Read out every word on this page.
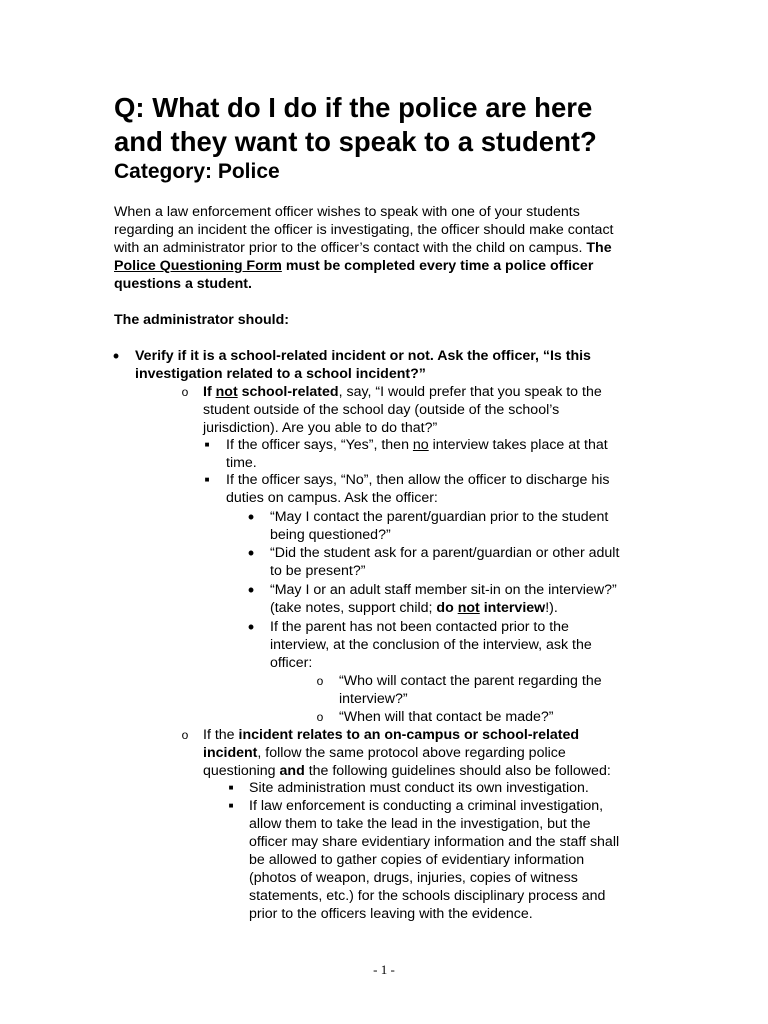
Q: What do I do if the police are here
and they want to speak to a student?
Category: Police
When a law enforcement officer wishes to speak with one of your students
regarding an incident the officer is investigating, the officer should make contact
with an administrator prior to the officer’s contact with the child on campus. The
Police Questioning Form must be completed every time a police officer
questions a student.
The administrator should:
• Verify if it is a school-related incident or not. Ask the officer, “Is this
investigation related to a school incident?”
o If not school-related, say, “I would prefer that you speak to the
student outside of the school day (outside of the school’s
jurisdiction). Are you able to do that?”
■ If the officer says, “Yes”, then no interview takes place at that
time.
■ If the officer says, “No”, then allow the officer to discharge his
duties on campus. Ask the officer:
• “May I contact the parent/guardian prior to the student
being questioned?”
• “Did the student ask for a parent/guardian or other adult
to be present?”
• “May I or an adult staff member sit-in on the interview?”
(take notes, support child; do not interview!).
• If the parent has not been contacted prior to the
interview, at the conclusion of the interview, ask the
officer:
o “Who will contact the parent regarding the
interview?”
o “When will that contact be made?”
o If the incident relates to an on-campus or school-related
incident, follow the same protocol above regarding police
questioning and the following guidelines should also be followed:
■ Site administration must conduct its own investigation.
■ If law enforcement is conducting a criminal investigation,
allow them to take the lead in the investigation, but the
officer may share evidentiary information and the staff shall
be allowed to gather copies of evidentiary information
(photos of weapon, drugs, injuries, copies of witness
statements, etc.) for the schools disciplinary process and
prior to the officers leaving with the evidence.
- 1 -
